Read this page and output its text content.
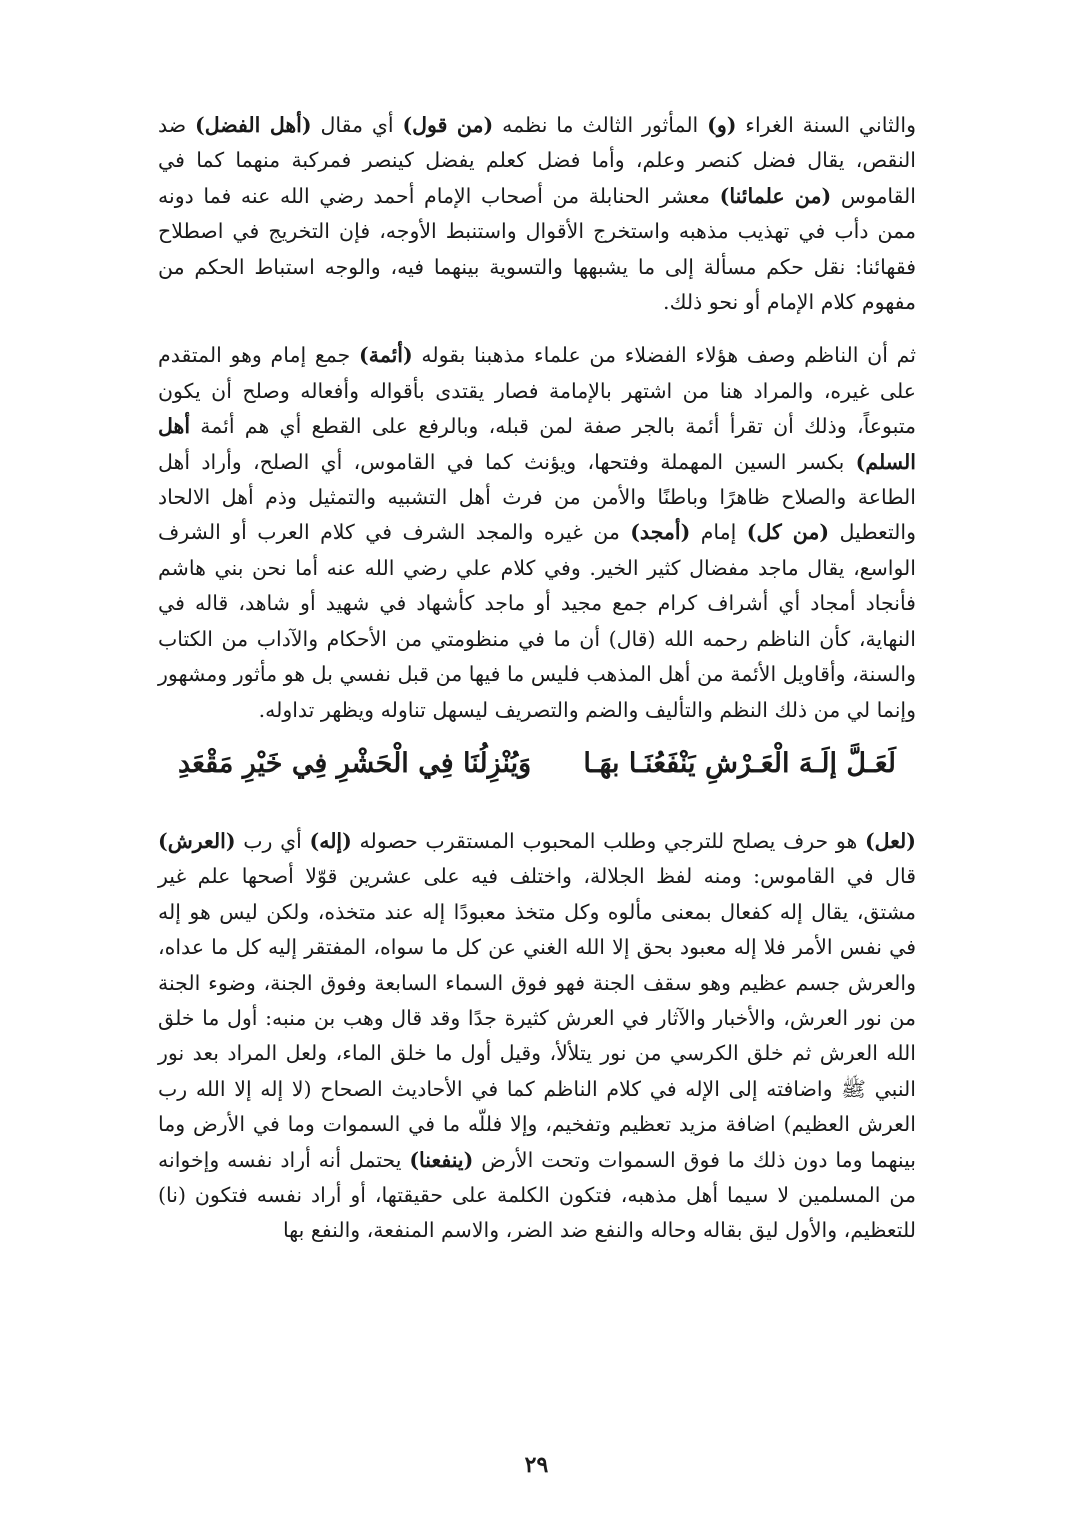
والثاني السنة الغراء (و) المأثور الثالث ما نظمه (من قول) أي مقال (أهل الفضل) ضد النقص، يقال فضل كنصر وعلم، وأما فضل كعلم يفضل كينصر فمركبة منهما كما في القاموس (من علمائنا) معشر الحنابلة من أصحاب الإمام أحمد رضي الله عنه فما دونه ممن دأب في تهذيب مذهبه واستخرج الأقوال واستنبط الأوجه، فإن التخريج في اصطلاح فقهائنا: نقل حكم مسألة إلى ما يشبهها والتسوية بينهما فيه، والوجه استباط الحكم من مفهوم كلام الإمام أو نحو ذلك.

ثم أن الناظم وصف هؤلاء الفضلاء من علماء مذهبنا بقوله (أئمة) جمع إمام وهو المتقدم على غيره، والمراد هنا من اشتهر بالإمامة فصار يقتدى بأقواله وأفعاله وصلح أن يكون متبوعاً، وذلك أن تقرأ أئمة بالجر صفة لمن قبله، وبالرفع على القطع أي هم أئمة أهل السلم) بكسر السين المهملة وفتحها، ويؤنث كما في القاموس، أي الصلح، وأراد أهل الطاعة والصلاح ظاهرًا وباطنًا والأمن من فرث أهل التشبيه والتمثيل وذم أهل الالحاد والتعطيل (من كل) إمام (أمجد) من غيره والمجد الشرف في كلام العرب أو الشرف الواسع، يقال ماجد مفضال كثير الخير. وفي كلام علي رضي الله عنه أما نحن بني هاشم فأنجاد أمجاد أي أشراف كرام جمع مجيد أو ماجد كأشهاد في شهيد أو شاهد، قاله في النهاية، كأن الناظم رحمه الله (قال) أن ما في منظومتي من الأحكام والآداب من الكتاب والسنة، وأقاويل الأئمة من أهل المذهب فليس ما فيها من قبل نفسي بل هو مأثور ومشهور وإنما لي من ذلك النظم والتأليف والضم والتصريف ليسهل تناوله ويظهر تداوله.

لَعَـلَّ إلَـهَ الْعَـرْشِ يَنْفَعُنَـا بهَـا
وَيُنْزِلُنَا فِي الْحَشْرِ فِي خَيْرِ مَقْعَدِ

(لعل) هو حرف يصلح للترجي وطلب المحبوب المستقرب حصوله (إله) أي رب (العرش) قال في القاموس: ومنه لفظ الجلالة، واختلف فيه على عشرين قوّلا أصحها علم غير مشتق، يقال إله كفعال بمعنى مألوه وكل متخذ معبودًا إله عند متخذه، ولكن ليس هو إله في نفس الأمر فلا إله معبود بحق إلا الله الغني عن كل ما سواه، المفتقر إليه كل ما عداه، والعرش جسم عظيم وهو سقف الجنة فهو فوق السماء السابعة وفوق الجنة، وضوء الجنة من نور العرش، والأخبار والآثار في العرش كثيرة جدًا وقد قال وهب بن منبه: أول ما خلق الله العرش ثم خلق الكرسي من نور يتلألأ، وقيل أول ما خلق الماء، ولعل المراد بعد نور النبي ﷺ واضافته إلى الإله في كلام الناظم كما في الأحاديث الصحاح (لا إله إلا الله رب العرش العظيم) اضافة مزيد تعظيم وتفخيم، وإلا فللّه ما في السموات وما في الأرض وما بينهما وما دون ذلك ما فوق السموات وتحت الأرض (ينفعنا) يحتمل أنه أراد نفسه وإخوانه من المسلمين لا سيما أهل مذهبه، فتكون الكلمة على حقيقتها، أو أراد نفسه فتكون (نا) للتعظيم، والأول ليق بقاله وحاله والنفع ضد الضر، والاسم المنفعة، والنفع بها

٢٩
